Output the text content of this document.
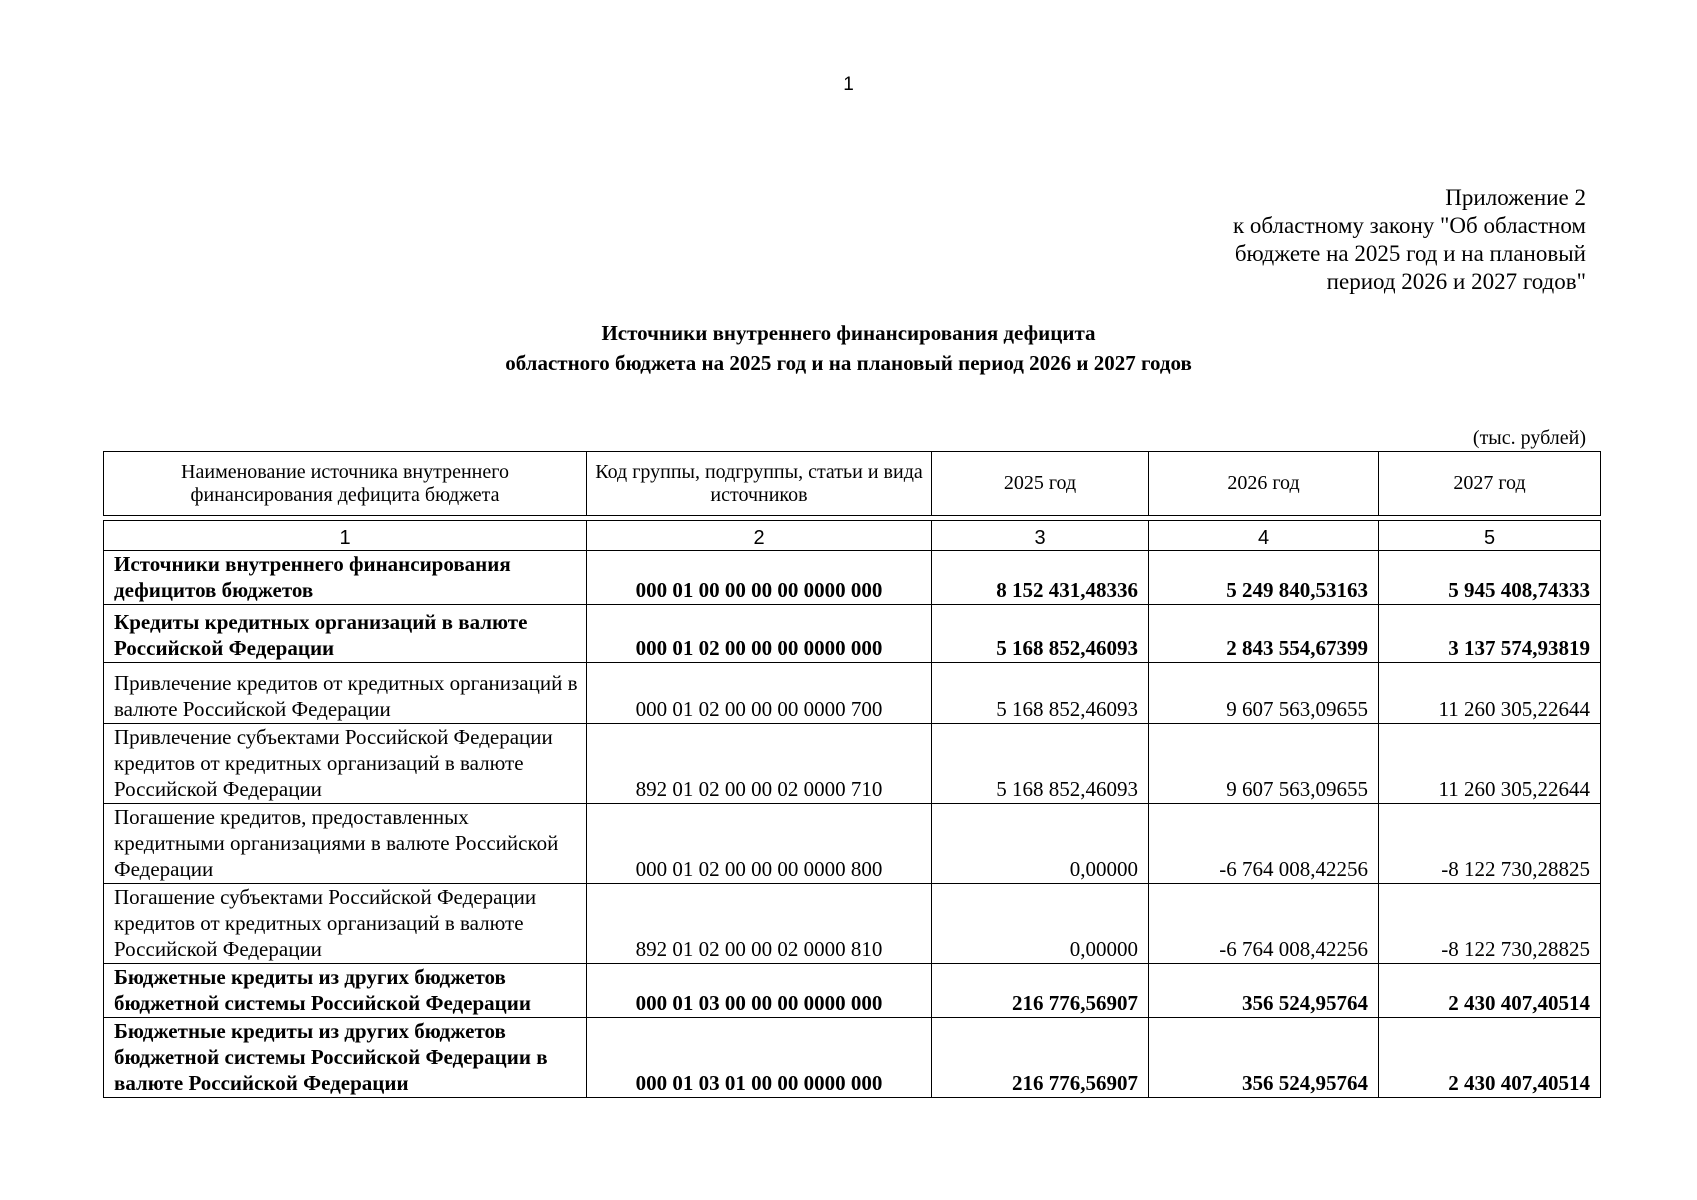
1
Приложение 2
к областному закону "Об областном
бюджете на 2025 год и на плановый
период 2026 и 2027 годов"
Источники внутреннего финансирования дефицита
областного бюджета на 2025 год и на плановый период 2026 и 2027 годов
(тыс. рублей)
Наименование источника внутреннего финансирования дефицита бюджета	Код группы, подгруппы, статьи и вида источников	2025 год	2026 год	2027 год
1	2	3	4	5
Источники внутреннего финансирования дефицитов бюджетов	000 01 00 00 00 00 0000 000	8 152 431,48336	5 249 840,53163	5 945 408,74333
Кредиты кредитных организаций в валюте Российской Федерации	000 01 02 00 00 00 0000 000	5 168 852,46093	2 843 554,67399	3 137 574,93819
Привлечение кредитов от кредитных организаций в валюте Российской Федерации	000 01 02 00 00 00 0000 700	5 168 852,46093	9 607 563,09655	11 260 305,22644
Привлечение субъектами Российской Федерации кредитов от кредитных организаций в валюте Российской Федерации	892 01 02 00 00 02 0000 710	5 168 852,46093	9 607 563,09655	11 260 305,22644
Погашение кредитов, предоставленных кредитными организациями в валюте Российской Федерации	000 01 02 00 00 00 0000 800	0,00000	-6 764 008,42256	-8 122 730,28825
Погашение субъектами Российской Федерации кредитов от кредитных организаций в валюте Российской Федерации	892 01 02 00 00 02 0000 810	0,00000	-6 764 008,42256	-8 122 730,28825
Бюджетные кредиты из других бюджетов бюджетной системы Российской Федерации	000 01 03 00 00 00 0000 000	216 776,56907	356 524,95764	2 430 407,40514
Бюджетные кредиты из других бюджетов бюджетной системы Российской Федерации в валюте Российской Федерации	000 01 03 01 00 00 0000 000	216 776,56907	356 524,95764	2 430 407,40514
